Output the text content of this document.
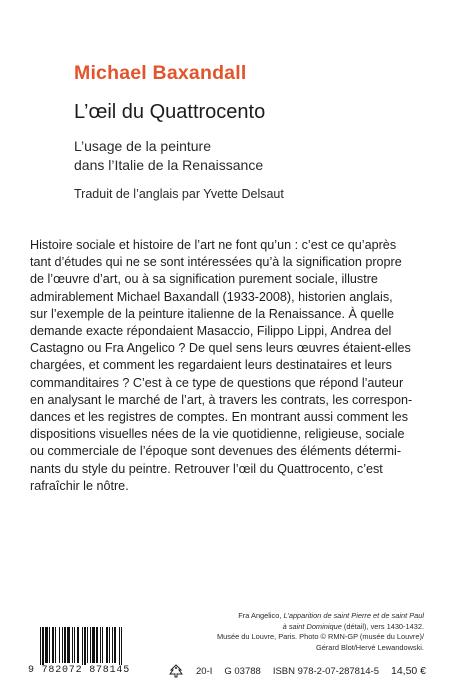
Michael Baxandall
L’œil du Quattrocento
L’usage de la peinture
dans l’Italie de la Renaissance
Traduit de l’anglais par Yvette Delsaut
Histoire sociale et histoire de l’art ne font qu’un : c’est ce qu’après
tant d’études qui ne se sont intéressées qu’à la signification propre
de l’œuvre d’art, ou à sa signification purement sociale, illustre
admirablement Michael Baxandall (1933-2008), historien anglais,
sur l’exemple de la peinture italienne de la Renaissance. À quelle
demande exacte répondaient Masaccio, Filippo Lippi, Andrea del
Castagno ou Fra Angelico ? De quel sens leurs œuvres étaient-elles
chargées, et comment les regardaient leurs destinataires et leurs
commanditaires ? C’est à ce type de questions que répond l’auteur
en analysant le marché de l’art, à travers les contrats, les correspon-
dances et les registres de comptes. En montrant aussi comment les
dispositions visuelles nées de la vie quotidienne, religieuse, sociale
ou commerciale de l’époque sont devenues des éléments détermi-
nants du style du peintre. Retrouver l’œil du Quattrocento, c’est
rafraîchir le nôtre.
Fra Angelico, L’apparition de saint Pierre et de saint Paul
à saint Dominique (détail), vers 1430-1432.
Musée du Louvre, Paris. Photo © RMN-GP (musée du Louvre)/
Gérard Blot/Hervé Lewandowski.
9 782072 878145	20-I G 03788 ISBN 978-2-07-287814-5 14,50 €
